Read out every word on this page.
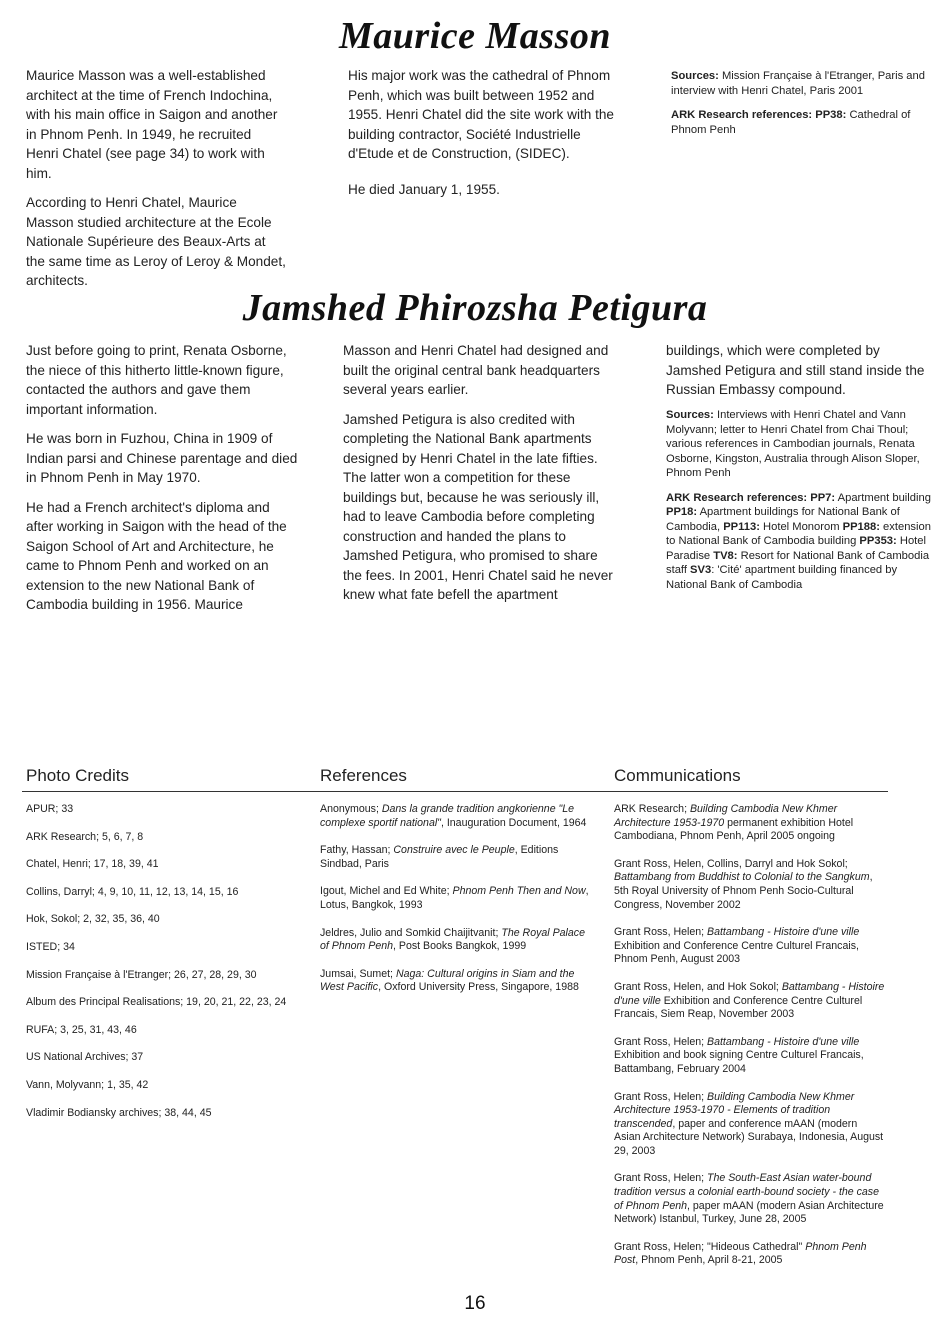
Maurice Masson

Maurice Masson was a well-established architect at the time of French Indochina, with his main office in Saigon and another in Phnom Penh. In 1949, he recruited Henri Chatel (see page 34) to work with him.

According to Henri Chatel, Maurice Masson studied architecture at the Ecole Nationale Supérieure des Beaux-Arts at the same time as Leroy of Leroy & Mondet, architects.

His major work was the cathedral of Phnom Penh, which was built between 1952 and 1955. Henri Chatel did the site work with the building contractor, Société Industrielle d'Etude et de Construction, (SIDEC).

He died January 1, 1955.

Sources: Mission Française à l'Etranger, Paris and interview with Henri Chatel, Paris 2001

ARK Research references: PP38: Cathedral of Phnom Penh

Jamshed Phirozsha Petigura

Just before going to print, Renata Osborne, the niece of this hitherto little-known figure, contacted the authors and gave them important information.

He was born in Fuzhou, China in 1909 of Indian parsi and Chinese parentage and died in Phnom Penh in May 1970.

He had a French architect's diploma and after working in Saigon with the head of the Saigon School of Art and Architecture, he came to Phnom Penh and worked on an extension to the new National Bank of Cambodia building in 1956. Maurice

Masson and Henri Chatel had designed and built the original central bank headquarters several years earlier.

Jamshed Petigura is also credited with completing the National Bank apartments designed by Henri Chatel in the late fifties. The latter won a competition for these buildings but, because he was seriously ill, had to leave Cambodia before completing construction and handed the plans to Jamshed Petigura, who promised to share the fees. In 2001, Henri Chatel said he never knew what fate befell the apartment

buildings, which were completed by Jamshed Petigura and still stand inside the Russian Embassy compound.

Sources: Interviews with Henri Chatel and Vann Molyvann; letter to Henri Chatel from Chai Thoul; various references in Cambodian journals, Renata Osborne, Kingston, Australia through Alison Sloper, Phnom Penh

ARK Research references: PP7: Apartment building PP18: Apartment buildings for National Bank of Cambodia, PP113: Hotel Monorom PP188: extension to National Bank of Cambodia building PP353: Hotel Paradise TV8: Resort for National Bank of Cambodia staff SV3: 'Cité' apartment building financed by National Bank of Cambodia

Photo Credits	References	Communications
APUR; 33
ARK Research; 5, 6, 7, 8
Chatel, Henri; 17, 18, 39, 41
Collins, Darryl; 4, 9, 10, 11, 12, 13, 14, 15, 16
Hok, Sokol; 2, 32, 35, 36, 40
ISTED; 34
Mission Française à l'Etranger; 26, 27, 28, 29, 30
Album des Principal Realisations; 19, 20, 21, 22, 23, 24
RUFA; 3, 25, 31, 43, 46
US National Archives; 37
Vann, Molyvann; 1, 35, 42
Vladimir Bodiansky archives; 38, 44, 45
Anonymous; Dans la grande tradition angkorienne "Le complexe sportif national", Inauguration Document, 1964
Fathy, Hassan; Construire avec le Peuple, Editions Sindbad, Paris
Igout, Michel and Ed White; Phnom Penh Then and Now, Lotus, Bangkok, 1993
Jeldres, Julio and Somkid Chaijitvanit; The Royal Palace of Phnom Penh, Post Books Bangkok, 1999
Jumsai, Sumet; Naga: Cultural origins in Siam and the West Pacific, Oxford University Press, Singapore, 1988
ARK Research; Building Cambodia New Khmer Architecture 1953-1970 permanent exhibition Hotel Cambodiana, Phnom Penh, April 2005 ongoing
Grant Ross, Helen, Collins, Darryl and Hok Sokol; Battambang from Buddhist to Colonial to the Sangkum, 5th Royal University of Phnom Penh Socio-Cultural Congress, November 2002
Grant Ross, Helen; Battambang - Histoire d'une ville Exhibition and Conference Centre Culturel Francais, Phnom Penh, August 2003
Grant Ross, Helen, and Hok Sokol; Battambang - Histoire d'une ville Exhibition and Conference Centre Culturel Francais, Siem Reap, November 2003
Grant Ross, Helen; Battambang - Histoire d'une ville Exhibition and book signing Centre Culturel Francais, Battambang, February 2004
Grant Ross, Helen; Building Cambodia New Khmer Architecture 1953-1970 - Elements of tradition transcended, paper and conference mAAN (modern Asian Architecture Network) Surabaya, Indonesia, August 29, 2003
Grant Ross, Helen; The South-East Asian water-bound tradition versus a colonial earth-bound society - the case of Phnom Penh, paper mAAN (modern Asian Architecture Network) Istanbul, Turkey, June 28, 2005
Grant Ross, Helen; "Hideous Cathedral" Phnom Penh Post, Phnom Penh, April 8-21, 2005
16
